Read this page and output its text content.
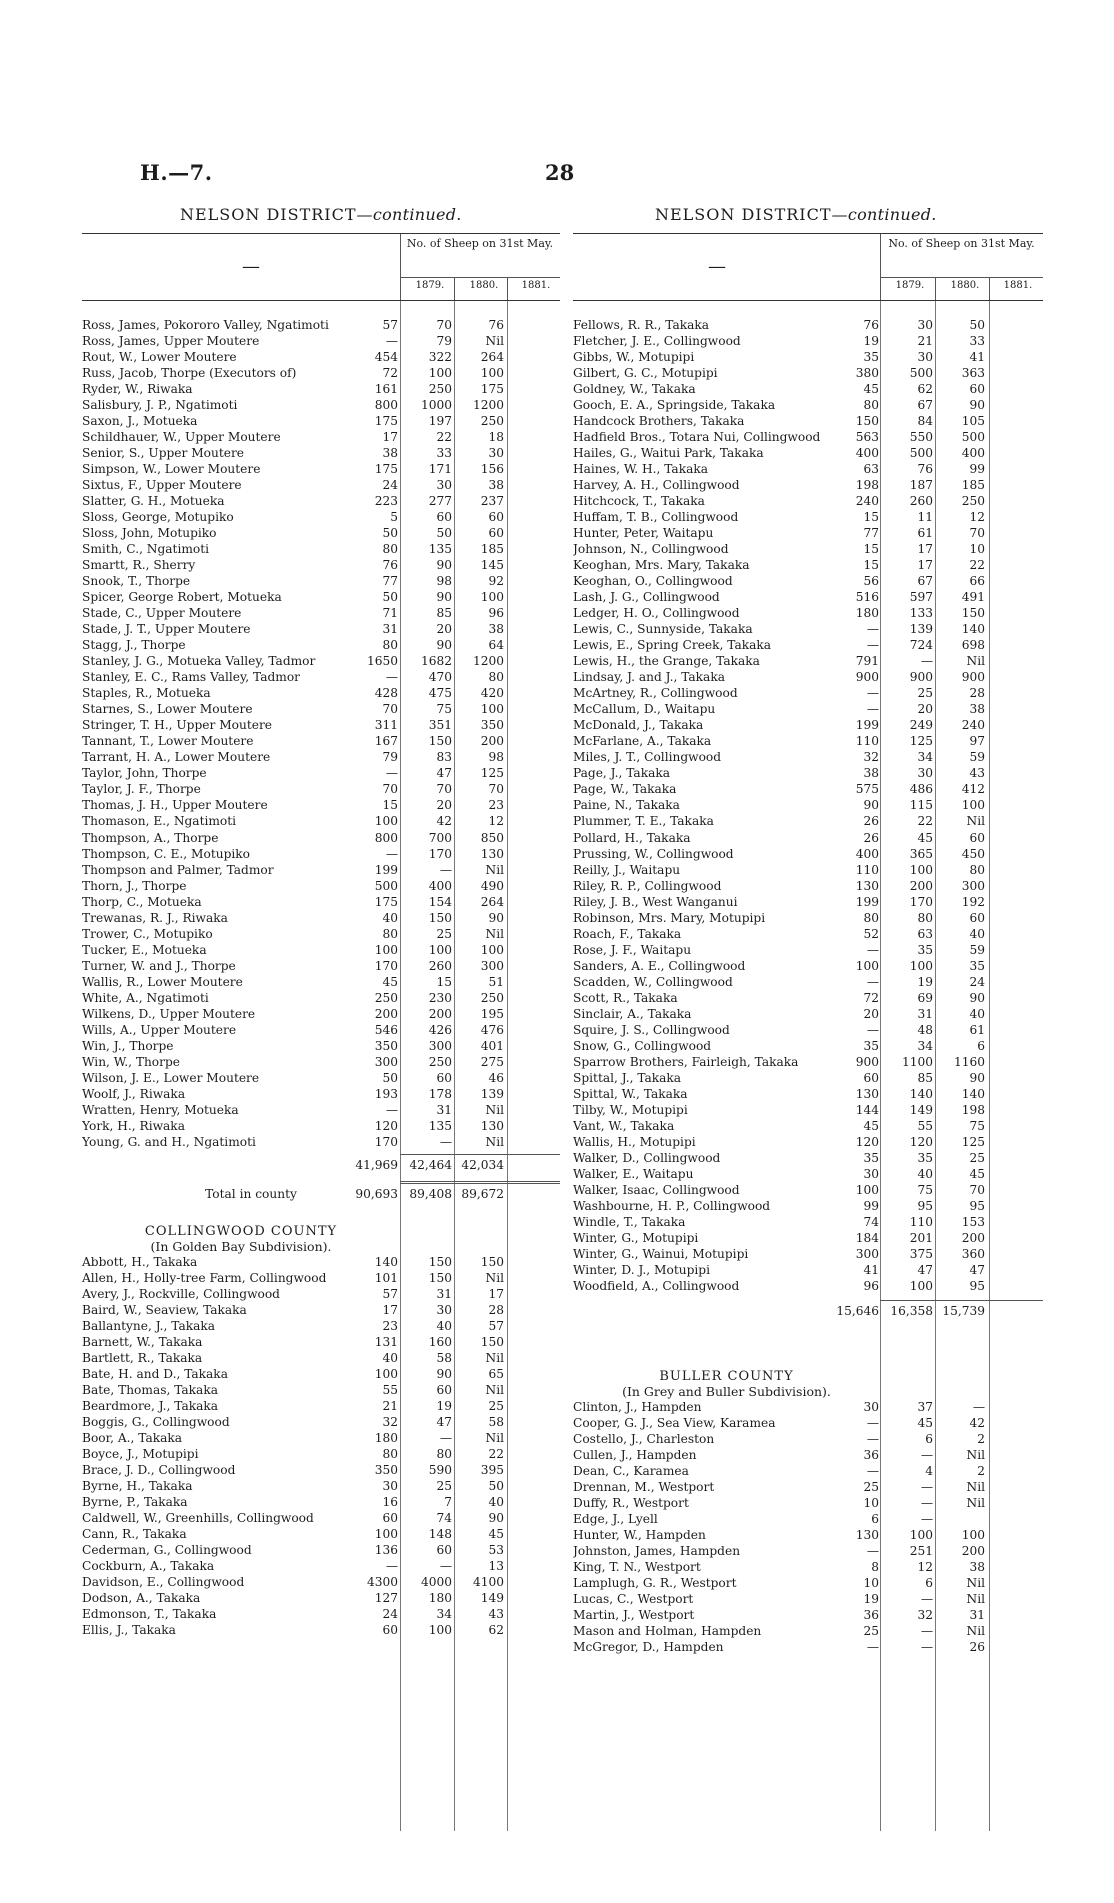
H.—7.	28
NELSON DISTRICT—continued.	NELSON DISTRICT—continued.
—
No. of Sheep on 31st May.
1879.	1880.	1881.
Ross, James, Pokororo Valley, Ngatimoti	57	70	76
Ross, James, Upper Moutere	—	79	Nil
Rout, W., Lower Moutere	454	322	264
Russ, Jacob, Thorpe (Executors of)	72	100	100
Ryder, W., Riwaka	161	250	175
Salisbury, J. P., Ngatimoti	800	1000	1200
Saxon, J., Motueka	175	197	250
Schildhauer, W., Upper Moutere	17	22	18
Senior, S., Upper Moutere	38	33	30
Simpson, W., Lower Moutere	175	171	156
Sixtus, F., Upper Moutere	24	30	38
Slatter, G. H., Motueka	223	277	237
Sloss, George, Motupiko	5	60	60
Sloss, John, Motupiko	50	50	60
Smith, C., Ngatimoti	80	135	185
Smartt, R., Sherry	76	90	145
Snook, T., Thorpe	77	98	92
Spicer, George Robert, Motueka	50	90	100
Stade, C., Upper Moutere	71	85	96
Stade, J. T., Upper Moutere	31	20	38
Stagg, J., Thorpe	80	90	64
Stanley, J. G., Motueka Valley, Tadmor	1650	1682	1200
Stanley, E. C., Rams Valley, Tadmor	—	470	80
Staples, R., Motueka	428	475	420
Starnes, S., Lower Moutere	70	75	100
Stringer, T. H., Upper Moutere	311	351	350
Tannant, T., Lower Moutere	167	150	200
Tarrant, H. A., Lower Moutere	79	83	98
Taylor, John, Thorpe	—	47	125
Taylor, J. F., Thorpe	70	70	70
Thomas, J. H., Upper Moutere	15	20	23
Thomason, E., Ngatimoti	100	42	12
Thompson, A., Thorpe	800	700	850
Thompson, C. E., Motupiko	—	170	130
Thompson and Palmer, Tadmor	199	—	Nil
Thorn, J., Thorpe	500	400	490
Thorp, C., Motueka	175	154	264
Trewanas, R. J., Riwaka	40	150	90
Trower, C., Motupiko	80	25	Nil
Tucker, E., Motueka	100	100	100
Turner, W. and J., Thorpe	170	260	300
Wallis, R., Lower Moutere	45	15	51
White, A., Ngatimoti	250	230	250
Wilkens, D., Upper Moutere	200	200	195
Wills, A., Upper Moutere	546	426	476
Win, J., Thorpe	350	300	401
Win, W., Thorpe	300	250	275
Wilson, J. E., Lower Moutere	50	60	46
Woolf, J., Riwaka	193	178	139
Wratten, Henry, Motueka	—	31	Nil
York, H., Riwaka	120	135	130
Young, G. and H., Ngatimoti	170	—	Nil
41,969 42,464 42,034
Total in county	90,693 89,408 89,672
COLLINGWOOD COUNTY
(In Golden Bay Subdivision).
Abbott, H., Takaka	140	150	150
Allen, H., Holly-tree Farm, Collingwood	101	150	Nil
Avery, J., Rockville, Collingwood	57	31	17
Baird, W., Seaview, Takaka	17	30	28
Ballantyne, J., Takaka	23	40	57
Barnett, W., Takaka	131	160	150
Bartlett, R., Takaka	40	58	Nil
Bate, H. and D., Takaka	100	90	65
Bate, Thomas, Takaka	55	60	Nil
Beardmore, J., Takaka	21	19	25
Boggis, G., Collingwood	32	47	58
Boor, A., Takaka	180	—	Nil
Boyce, J., Motupipi	80	80	22
Brace, J. D., Collingwood	350	590	395
Byrne, H., Takaka	30	25	50
Byrne, P., Takaka	16	7	40
Caldwell, W., Greenhills, Collingwood	60	74	90
Cann, R., Takaka	100	148	45
Cederman, G., Collingwood	136	60	53
Cockburn, A., Takaka	—	—	13
Davidson, E., Collingwood	4300	4000	4100
Dodson, A., Takaka	127	180	149
Edmonson, T., Takaka	24	34	43
Ellis, J., Takaka	60	100	62
—
No. of Sheep on 31st May.
1879.	1880.	1881.
Fellows, R. R., Takaka	76	30	50
Fletcher, J. E., Collingwood	19	21	33
Gibbs, W., Motupipi	35	30	41
Gilbert, G. C., Motupipi	380	500	363
Goldney, W., Takaka	45	62	60
Gooch, E. A., Springside, Takaka	80	67	90
Handcock Brothers, Takaka	150	84	105
Hadfield Bros., Totara Nui, Collingwood	563	550	500
Hailes, G., Waitui Park, Takaka	400	500	400
Haines, W. H., Takaka	63	76	99
Harvey, A. H., Collingwood	198	187	185
Hitchcock, T., Takaka	240	260	250
Huffam, T. B., Collingwood	15	11	12
Hunter, Peter, Waitapu	77	61	70
Johnson, N., Collingwood	15	17	10
Keoghan, Mrs. Mary, Takaka	15	17	22
Keoghan, O., Collingwood	56	67	66
Lash, J. G., Collingwood	516	597	491
Ledger, H. O., Collingwood	180	133	150
Lewis, C., Sunnyside, Takaka	—	139	140
Lewis, E., Spring Creek, Takaka	—	724	698
Lewis, H., the Grange, Takaka	791	—	Nil
Lindsay, J. and J., Takaka	900	900	900
McArtney, R., Collingwood	—	25	28
McCallum, D., Waitapu	—	20	38
McDonald, J., Takaka	199	249	240
McFarlane, A., Takaka	110	125	97
Miles, J. T., Collingwood	32	34	59
Page, J., Takaka	38	30	43
Page, W., Takaka	575	486	412
Paine, N., Takaka	90	115	100
Plummer, T. E., Takaka	26	22	Nil
Pollard, H., Takaka	26	45	60
Prussing, W., Collingwood	400	365	450
Reilly, J., Waitapu	110	100	80
Riley, R. P., Collingwood	130	200	300
Riley, J. B., West Wanganui	199	170	192
Robinson, Mrs. Mary, Motupipi	80	80	60
Roach, F., Takaka	52	63	40
Rose, J. F., Waitapu	—	35	59
Sanders, A. E., Collingwood	100	100	35
Scadden, W., Collingwood	—	19	24
Scott, R., Takaka	72	69	90
Sinclair, A., Takaka	20	31	40
Squire, J. S., Collingwood	—	48	61
Snow, G., Collingwood	35	34	6
Sparrow Brothers, Fairleigh, Takaka	900	1100	1160
Spittal, J., Takaka	60	85	90
Spittal, W., Takaka	130	140	140
Tilby, W., Motupipi	144	149	198
Vant, W., Takaka	45	55	75
Wallis, H., Motupipi	120	120	125
Walker, D., Collingwood	35	35	25
Walker, E., Waitapu	30	40	45
Walker, Isaac, Collingwood	100	75	70
Washbourne, H. P., Collingwood	99	95	95
Windle, T., Takaka	74	110	153
Winter, G., Motupipi	184	201	200
Winter, G., Wainui, Motupipi	300	375	360
Winter, D. J., Motupipi	41	47	47
Woodfield, A., Collingwood	96	100	95
15,646 16,358 15,739
BULLER COUNTY
(In Grey and Buller Subdivision).
Clinton, J., Hampden	30	37	—
Cooper, G. J., Sea View, Karamea	—	45	42
Costello, J., Charleston	—	6	2
Cullen, J., Hampden	36	—	Nil
Dean, C., Karamea	—	4	2
Drennan, M., Westport	25	—	Nil
Duffy, R., Westport	10	—	Nil
Edge, J., Lyell	6	—
Hunter, W., Hampden	130	100	100
Johnston, James, Hampden	—	251	200
King, T. N., Westport	8	12	38
Lamplugh, G. R., Westport	10	6	Nil
Lucas, C., Westport	19	—	Nil
Martin, J., Westport	36	32	31
Mason and Holman, Hampden	25	—	Nil
McGregor, D., Hampden	—	—	26
